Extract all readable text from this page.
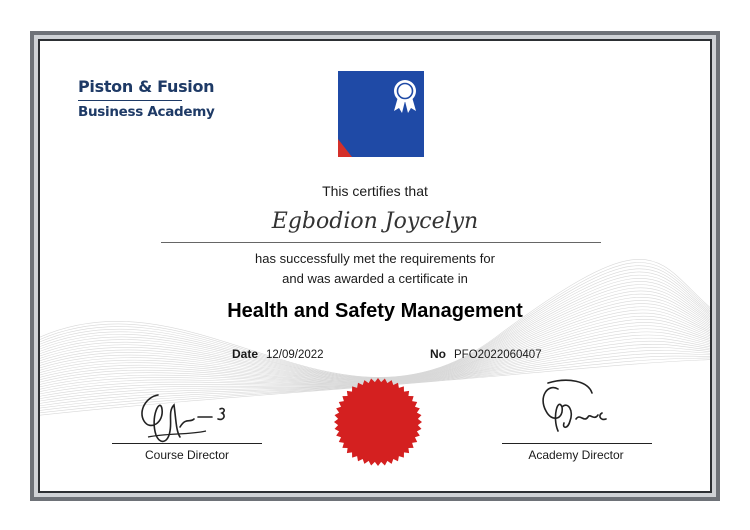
Piston & Fusion
Business Academy
This certifies that
Egbodion Joycelyn
has successfully met the requirements for
and was awarded a certificate in
Health and Safety Management
Date 12/09/2022	No PFO2022060407
Course Director	Academy Director
